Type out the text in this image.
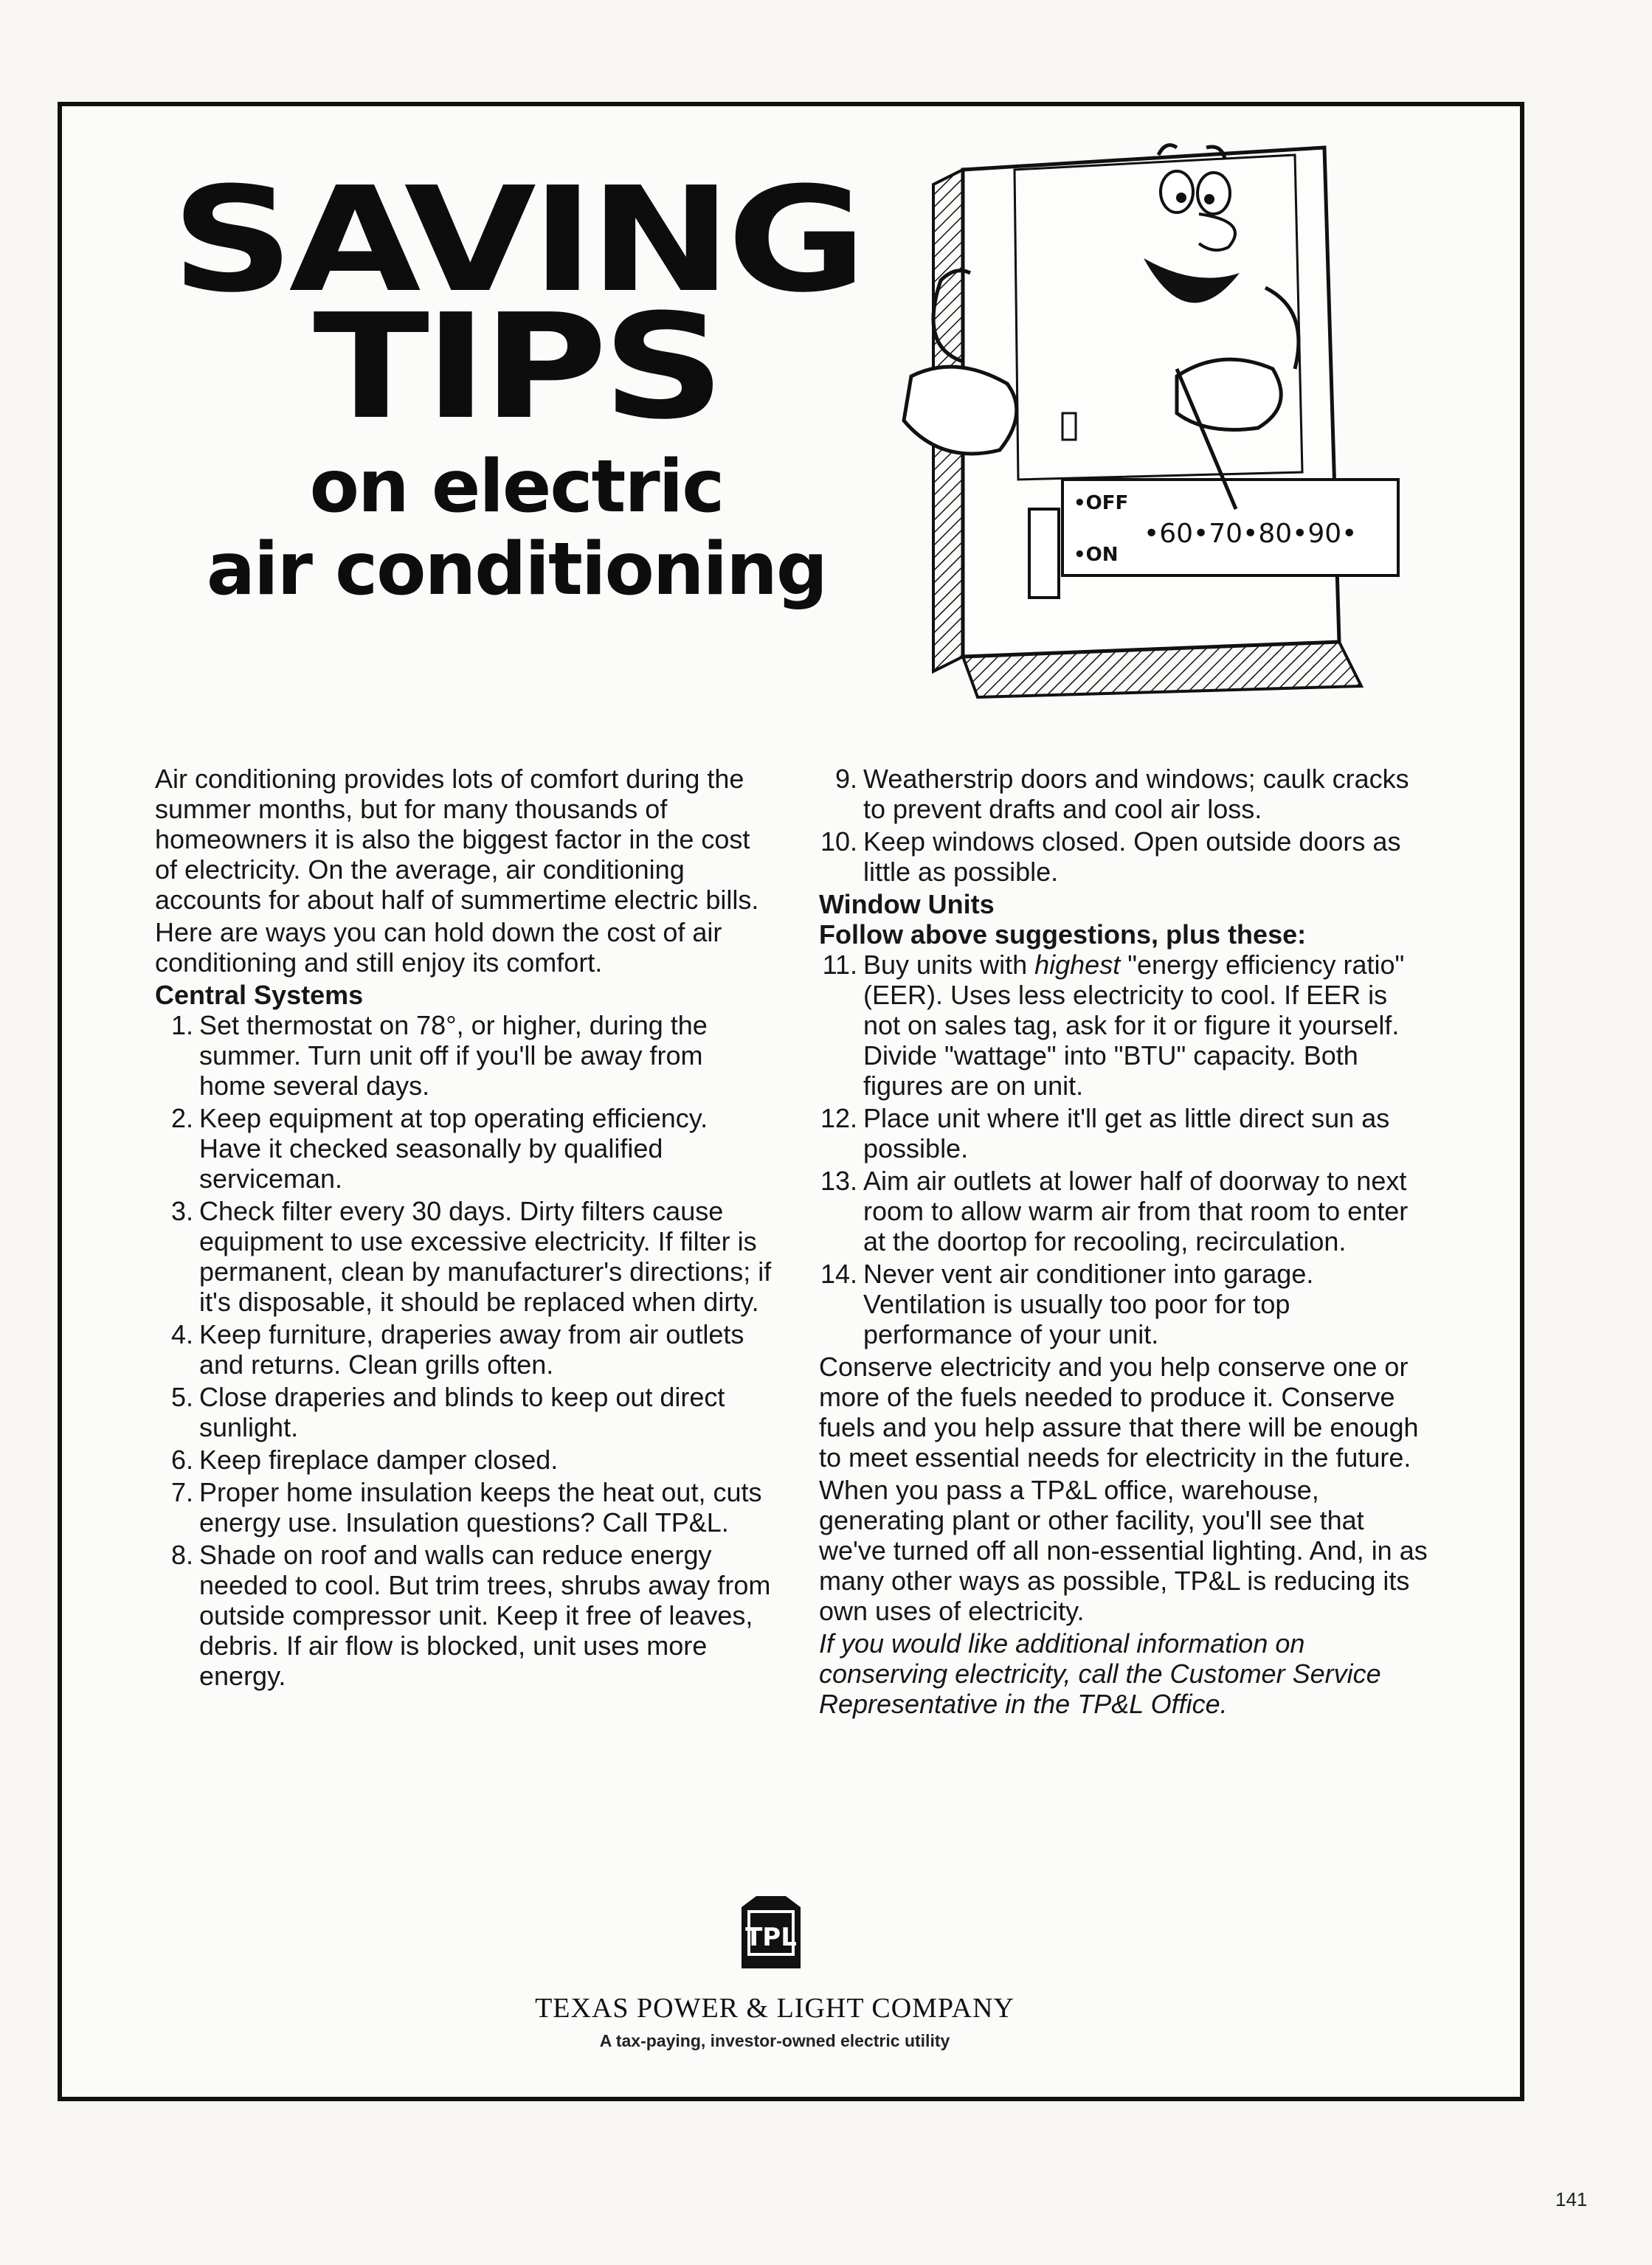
SAVING
TIPS
on electric
air conditioning
•OFF
•ON
•60•70•80•90•

Air conditioning provides lots of comfort during the summer months, but for many thousands of homeowners it is also the biggest factor in the cost of electricity. On the average, air conditioning accounts for about half of summertime electric bills.

Here are ways you can hold down the cost of air conditioning and still enjoy its comfort.

Central Systems

1. Set thermostat on 78°, or higher, during the summer. Turn unit off if you'll be away from home several days.
2. Keep equipment at top operating efficiency. Have it checked seasonally by qualified serviceman.
3. Check filter every 30 days. Dirty filters cause equipment to use excessive electricity. If filter is permanent, clean by manufacturer's directions; if it's disposable, it should be replaced when dirty.
4. Keep furniture, draperies away from air outlets and returns. Clean grills often.
5. Close draperies and blinds to keep out direct sunlight.
6. Keep fireplace damper closed.
7. Proper home insulation keeps the heat out, cuts energy use. Insulation questions? Call TP&L.
8. Shade on roof and walls can reduce energy needed to cool. But trim trees, shrubs away from outside compressor unit. Keep it free of leaves, debris. If air flow is blocked, unit uses more energy.
9. Weatherstrip doors and windows; caulk cracks to prevent drafts and cool air loss.
10. Keep windows closed. Open outside doors as little as possible.

Window Units

Follow above suggestions, plus these:

11. Buy units with highest "energy efficiency ratio" (EER). Uses less electricity to cool. If EER is not on sales tag, ask for it or figure it yourself. Divide "wattage" into "BTU" capacity. Both figures are on unit.
12. Place unit where it'll get as little direct sun as possible.
13. Aim air outlets at lower half of doorway to next room to allow warm air from that room to enter at the doortop for recooling, recirculation.
14. Never vent air conditioner into garage. Ventilation is usually too poor for top performance of your unit.

Conserve electricity and you help conserve one or more of the fuels needed to produce it. Conserve fuels and you help assure that there will be enough to meet essential needs for electricity in the future.

When you pass a TP&L office, warehouse, generating plant or other facility, you'll see that we've turned off all non-essential lighting. And, in as many other ways as possible, TP&L is reducing its own uses of electricity.

If you would like additional information on conserving electricity, call the Customer Service Representative in the TP&L Office.

TPL
TEXAS POWER & LIGHT COMPANY
A tax-paying, investor-owned electric utility
141
